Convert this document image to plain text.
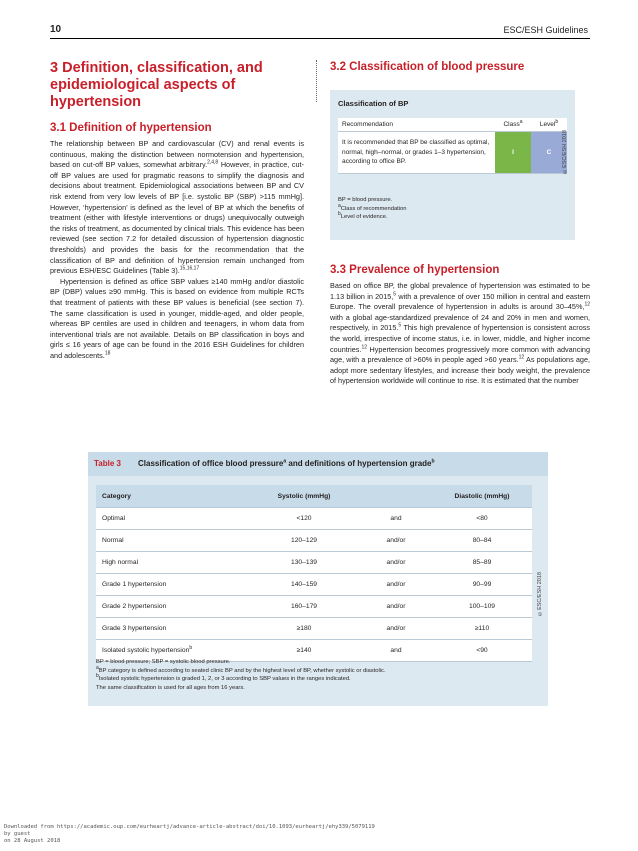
10	ESC/ESH Guidelines
3 Definition, classification, and epidemiological aspects of hypertension
3.1 Definition of hypertension

The relationship between BP and cardiovascular (CV) and renal events is continuous, making the distinction between normotension and hypertension, based on cut-off BP values, somewhat arbitrary.$^{2,4,8}$ However, in practice, cut-off BP values are used for pragmatic reasons to simplify the diagnosis and decisions about treatment. Epidemiological associations between BP and CV risk extend from very low levels of BP [i.e. systolic BP (SBP) >115 mmHg]. However, ‘hypertension’ is defined as the level of BP at which the benefits of treatment (either with lifestyle interventions or drugs) unequivocally outweigh the risks of treatment, as documented by clinical trials. This evidence has been reviewed (see section 7.2 for detailed discussion of hypertension diagnostic thresholds) and provides the basis for the recommendation that the classification of BP and definition of hypertension remain unchanged from previous ESH/ESC Guidelines (Table 3).$^{15,16,17}$

Hypertension is defined as office SBP values ≥140 mmHg and/or diastolic BP (DBP) values ≥90 mmHg. This is based on evidence from multiple RCTs that treatment of patients with these BP values is beneficial (see section 7). The same classification is used in younger, middle-aged, and older people, whereas BP centiles are used in children and teenagers, in whom data from interventional trials are not available. Details on BP classification in boys and girls ≤ 16 years of age can be found in the 2016 ESH Guidelines for children and adolescents.$^{18}$

3.2 Classification of blood pressure
Classification of BP
Recommendation	Class$^a$	Level$^b$
It is recommended that BP be classified as optimal, normal, high–normal, or grades 1–3 hypertension, according to office BP.	I	C
BP = blood pressure.
$^a$Class of recommendation
$^b$Level of evidence.
©ESC/ESH 2018
3.3 Prevalence of hypertension

Based on office BP, the global prevalence of hypertension was estimated to be 1.13 billion in 2015,$^5$ with a prevalence of over 150 million in central and eastern Europe. The overall prevalence of hypertension in adults is around 30–45%,$^{12}$ with a global age-standardized prevalence of 24 and 20% in men and women, respectively, in 2015.$^5$ This high prevalence of hypertension is consistent across the world, irrespective of income status, i.e. in lower, middle, and higher income countries.$^{12}$ Hypertension becomes progressively more common with advancing age, with a prevalence of >60% in people aged >60 years.$^{12}$ As populations age, adopt more sedentary lifestyles, and increase their body weight, the prevalence of hypertension worldwide will continue to rise. It is estimated that the number

Table 3 Classification of office blood pressure$^a$ and definitions of hypertension grade$^b$
Category	Systolic (mmHg)		Diastolic (mmHg)
Optimal	<120	and	<80
Normal	120–129	and/or	80–84
High normal	130–139	and/or	85–89
Grade 1 hypertension	140–159	and/or	90–99
Grade 2 hypertension	160–179	and/or	100–109
Grade 3 hypertension	≥180	and/or	≥110
Isolated systolic hypertension$^b$	≥140	and	<90
BP = blood pressure; SBP = systolic blood pressure.
$^a$BP category is defined according to seated clinic BP and by the highest level of BP, whether systolic or diastolic.
$^b$Isolated systolic hypertension is graded 1, 2, or 3 according to SBP values in the ranges indicated.
The same classification is used for all ages from 16 years.
©ESC/ESH 2018
Downloaded from https://academic.oup.com/eurheartj/advance-article-abstract/doi/10.1093/eurheartj/ehy339/5079119
by guest
on 28 August 2018
